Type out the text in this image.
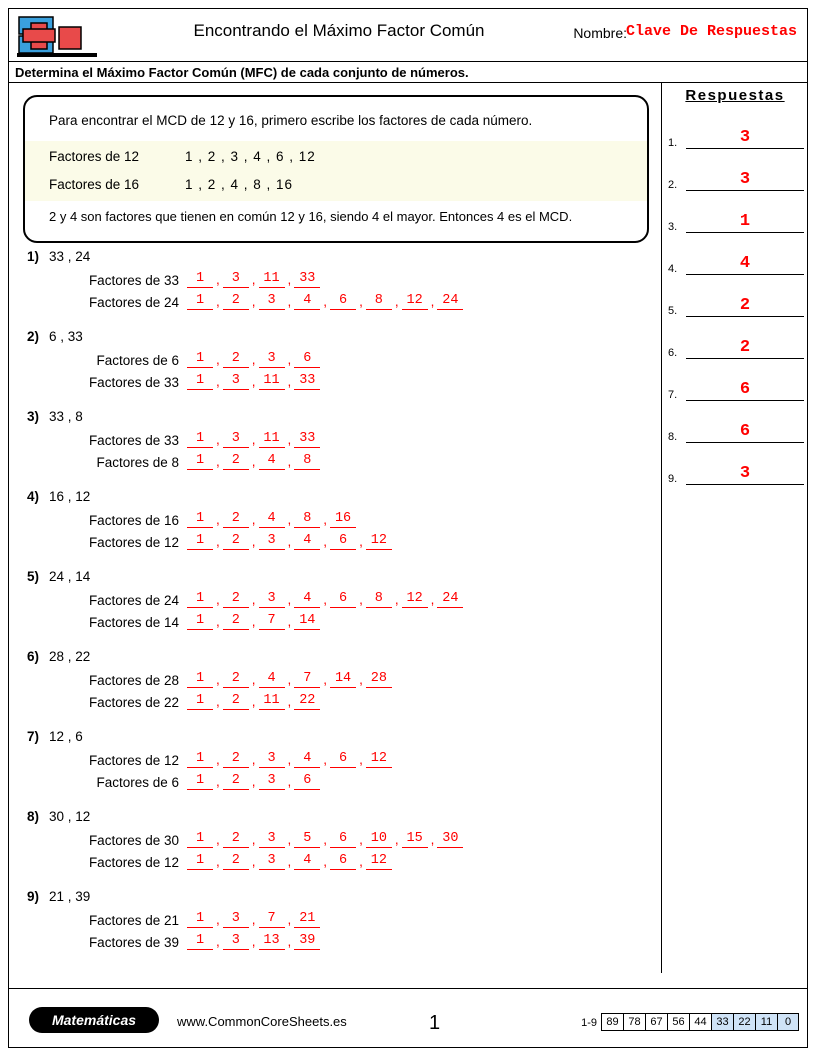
Encontrando el Máximo Factor Común	Nombre:
Clave De Respuestas
Determina el Máximo Factor Común (MFC) de cada conjunto de números.
Para encontrar el MCD de 12 y 16, primero escribe los factores de cada número.
Factores de 12	1 , 2 , 3 , 4 , 6 , 12
Factores de 16	1 , 2 , 4 , 8 , 16
2 y 4 son factores que tienen en común 12 y 16, siendo 4 el mayor. Entonces 4 es el MCD.
1) 33 , 24
Factores de 33	1 , 3 , 11 , 33
Factores de 24	1 , 2 , 3 , 4 , 6 , 8 , 12 , 24
2) 6 , 33
Factores de 6	1 , 2 , 3 , 6
Factores de 33	1 , 3 , 11 , 33
3) 33 , 8
Factores de 33	1 , 3 , 11 , 33
Factores de 8	1 , 2 , 4 , 8
4) 16 , 12
Factores de 16	1 , 2 , 4 , 8 , 16
Factores de 12	1 , 2 , 3 , 4 , 6 , 12
5) 24 , 14
Factores de 24	1 , 2 , 3 , 4 , 6 , 8 , 12 , 24
Factores de 14	1 , 2 , 7 , 14
6) 28 , 22
Factores de 28	1 , 2 , 4 , 7 , 14 , 28
Factores de 22	1 , 2 , 11 , 22
7) 12 , 6
Factores de 12	1 , 2 , 3 , 4 , 6 , 12
Factores de 6	1 , 2 , 3 , 6
8) 30 , 12
Factores de 30	1 , 2 , 3 , 5 , 6 , 10 , 15 , 30
Factores de 12	1 , 2 , 3 , 4 , 6 , 12
9) 21 , 39
Factores de 21	1 , 3 , 7 , 21
Factores de 39	1 , 3 , 13 , 39
Respuestas
1.	3
2.	3
3.	1
4.	4
5.	2
6.	2
7.	6
8.	6
9.	3
Matemáticas	www.CommonCoreSheets.es	1	1-9 89 78 67 56 44 33 22 11	0
